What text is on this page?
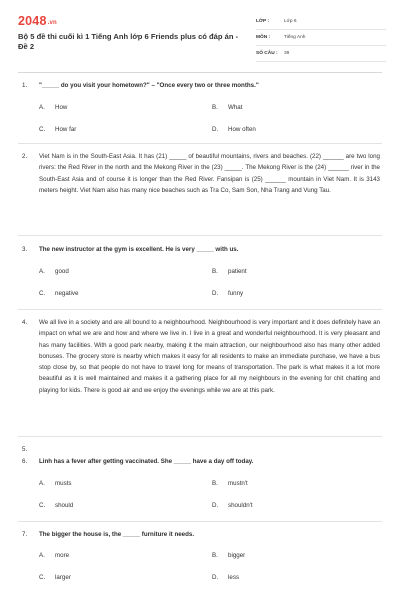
2048.vn
Bộ 5 đề thi cuối kì 1 Tiếng Anh lớp 6 Friends plus có đáp án - Đề 2
LỚP :	Lớp 6
MÔN :	Tiếng Anh
SỐ CÂU :	39
1. "_____ do you visit your hometown?" – "Once every two or three months."
A. How	B. What
C. How far	D. How often
2. Viet Nam is in the South-East Asia. It has (21) _____ of beautiful mountains, rivers and beaches. (22) ______ are two long rivers: the Red River in the north and the Mekong River in the (23) _____. The Mekong River is the (24) ______ river in the South-East Asia and of course it is longer than the Red River. Fansipan is (25) ______ mountain in Viet Nam. It is 3143 meters height. Viet Nam also has many nice beaches such as Tra Co, Sam Son, Nha Trang and Vung Tau.
3. The new instructor at the gym is excellent. He is very _____ with us.
A. good	B. patient
C. negative	D. funny
4. We all live in a society and are all bound to a neighbourhood. Neighbourhood is very important and it does definitely have an impact on what we are and how and where we live in. I live in a great and wonderful neighbourhood. It is very pleasant and has many facilities. With a good park nearby, making it the main attraction, our neighbourhood also has many other added bonuses. The grocery store is nearby which makes it easy for all residents to make an immediate purchase, we have a bus stop close by, so that people do not have to travel long for means of transportation. The park is what makes it a lot more beautiful as it is well maintained and makes it a gathering place for all my neighbours in the evening for chit chatting and playing for kids. There is good air and we enjoy the evenings while we are at this park.
5.
6. Linh has a fever after getting vaccinated. She _____ have a day off today.
A. musts	B. mustn't
C. should	D. shouldn't
7. The bigger the house is, the _____ furniture it needs.
A. more	B. bigger
C. larger	D. less
